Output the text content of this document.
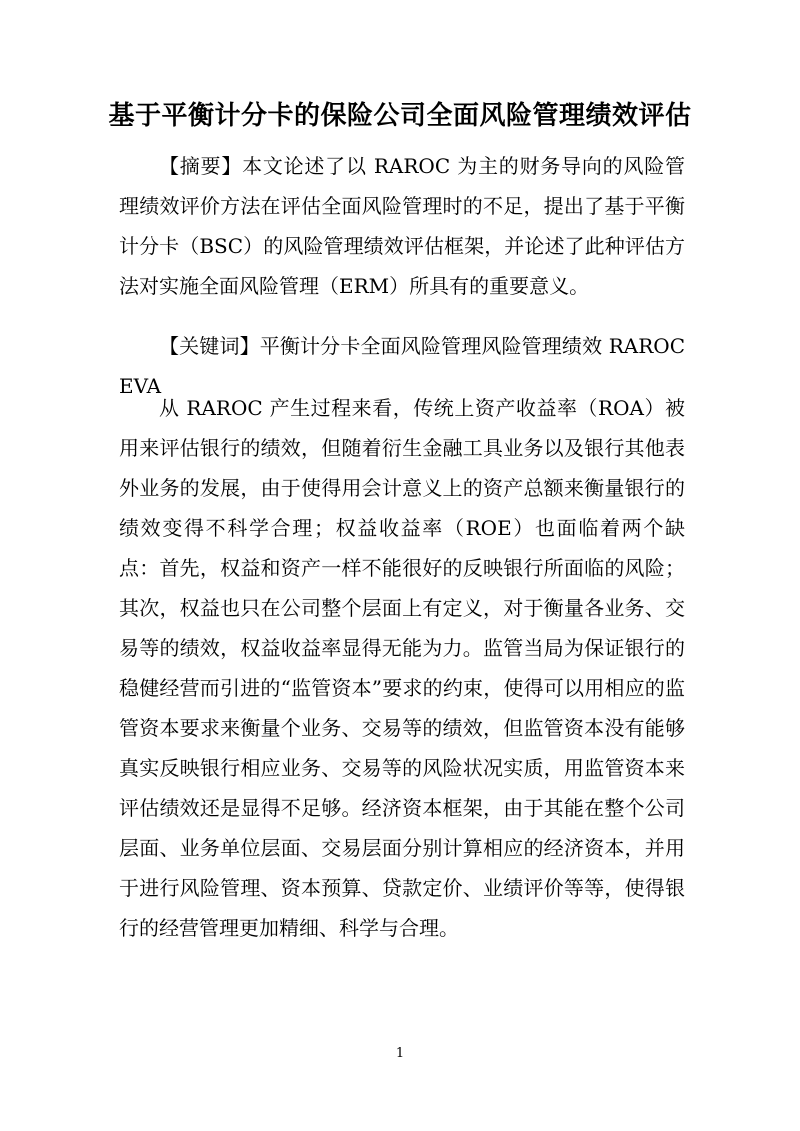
基于平衡计分卡的保险公司全面风险管理绩效评估

【摘要】本文论述了以 RAROC 为主的财务导向的风险管理绩效评价方法在评估全面风险管理时的不足，提出了基于平衡计分卡（BSC）的风险管理绩效评估框架，并论述了此种评估方法对实施全面风险管理（ERM）所具有的重要意义。

【关键词】平衡计分卡全面风险管理风险管理绩效 RAROCEVA

从 RAROC 产生过程来看，传统上资产收益率（ROA）被用来评估银行的绩效，但随着衍生金融工具业务以及银行其他表外业务的发展，由于使得用会计意义上的资产总额来衡量银行的绩效变得不科学合理；权益收益率（ROE）也面临着两个缺点：首先，权益和资产一样不能很好的反映银行所面临的风险；其次，权益也只在公司整个层面上有定义，对于衡量各业务、交易等的绩效，权益收益率显得无能为力。监管当局为保证银行的稳健经营而引进的“监管资本”要求的约束，使得可以用相应的监管资本要求来衡量个业务、交易等的绩效，但监管资本没有能够真实反映银行相应业务、交易等的风险状况实质，用监管资本来评估绩效还是显得不足够。经济资本框架，由于其能在整个公司层面、业务单位层面、交易层面分别计算相应的经济资本，并用于进行风险管理、资本预算、贷款定价、业绩评价等等，使得银行的经营管理更加精细、科学与合理。

1
